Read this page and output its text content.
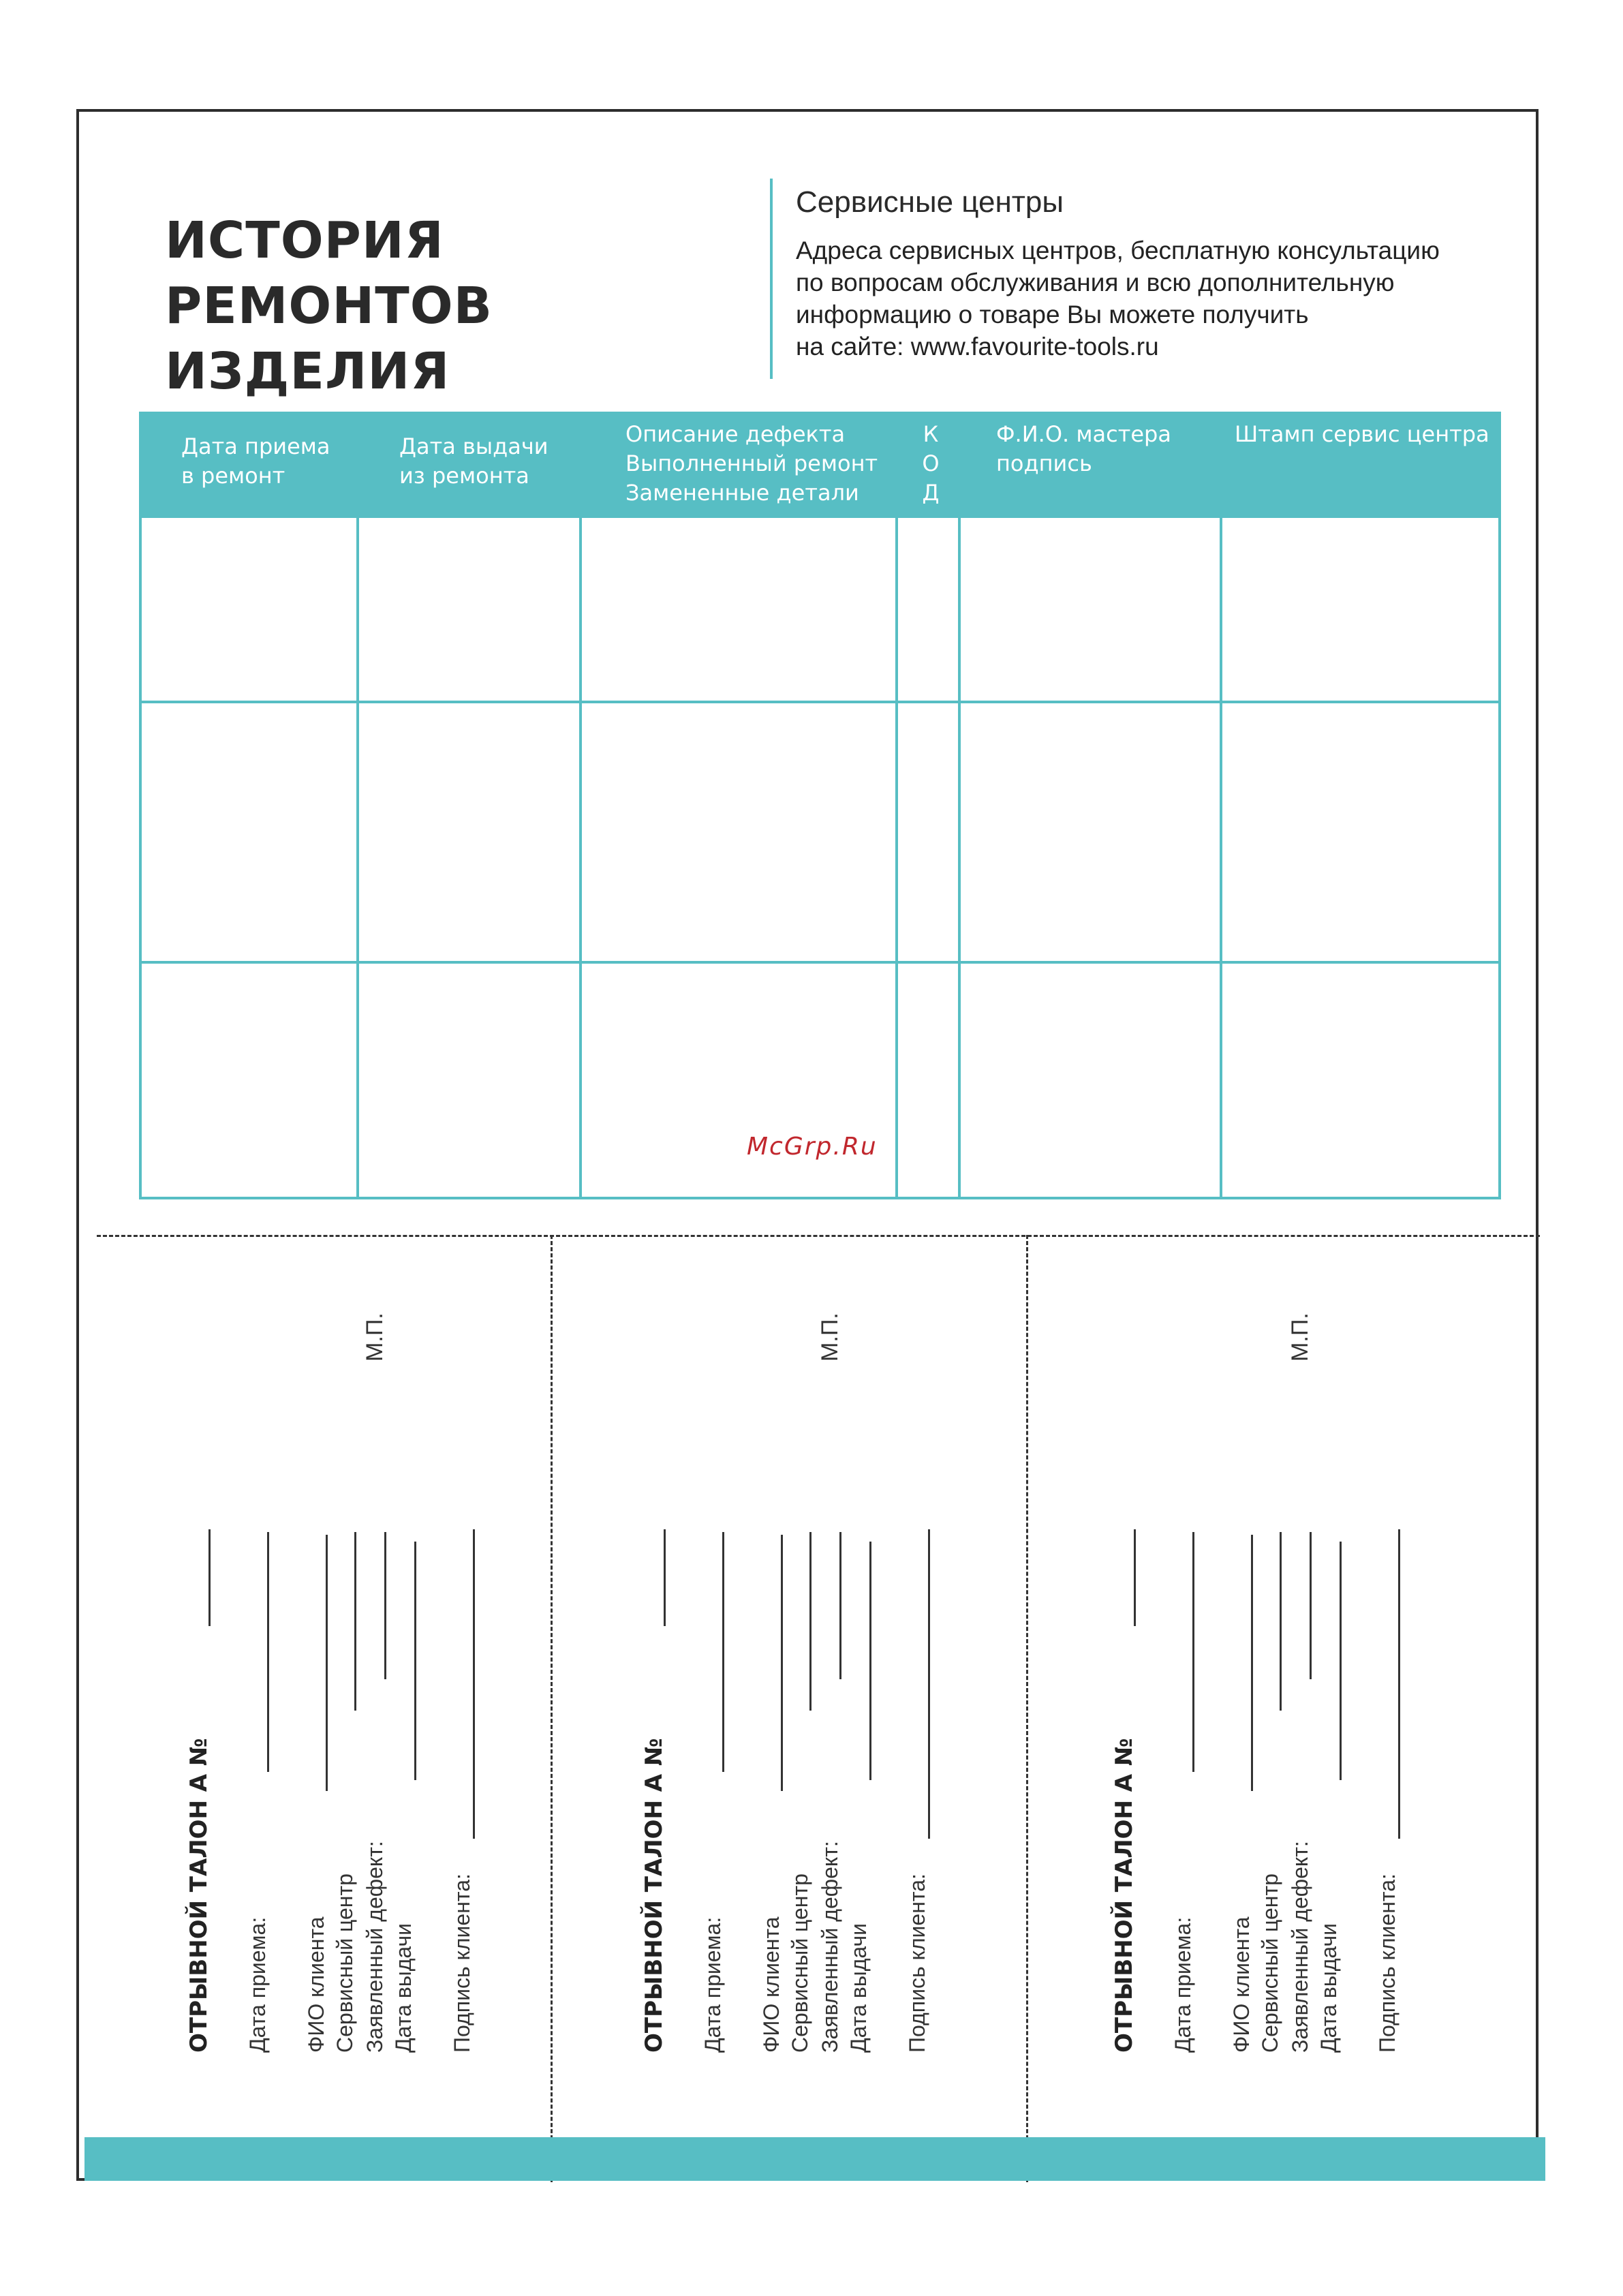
ИСТОРИЯ РЕМОНТОВ
ИЗДЕЛИЯ
Сервисные центры
Адреса сервисных центров, бесплатную консультацию
по вопросам обслуживания и всю дополнительную
информацию о товаре Вы можете получить
на сайте: www.favourite-tools.ru
Дата приема
в ремонт
Дата выдачи
из ремонта
Описание дефекта
Выполненный ремонт
Замененные детали
К
О
Д
Ф.И.О. мастера
подпись
Штамп сервис центра
McGrp.Ru
М.П.
ОТРЫВНОЙ ТАЛОН А № Дата приема: ФИО клиента Сервисный центр Заявленный дефект: Дата выдачи Подпись клиента:
М.П.
ОТРЫВНОЙ ТАЛОН А № Дата приема: ФИО клиента Сервисный центр Заявленный дефект: Дата выдачи Подпись клиента:
М.П.
ОТРЫВНОЙ ТАЛОН А № Дата приема: ФИО клиента Сервисный центр Заявленный дефект: Дата выдачи Подпись клиента:
